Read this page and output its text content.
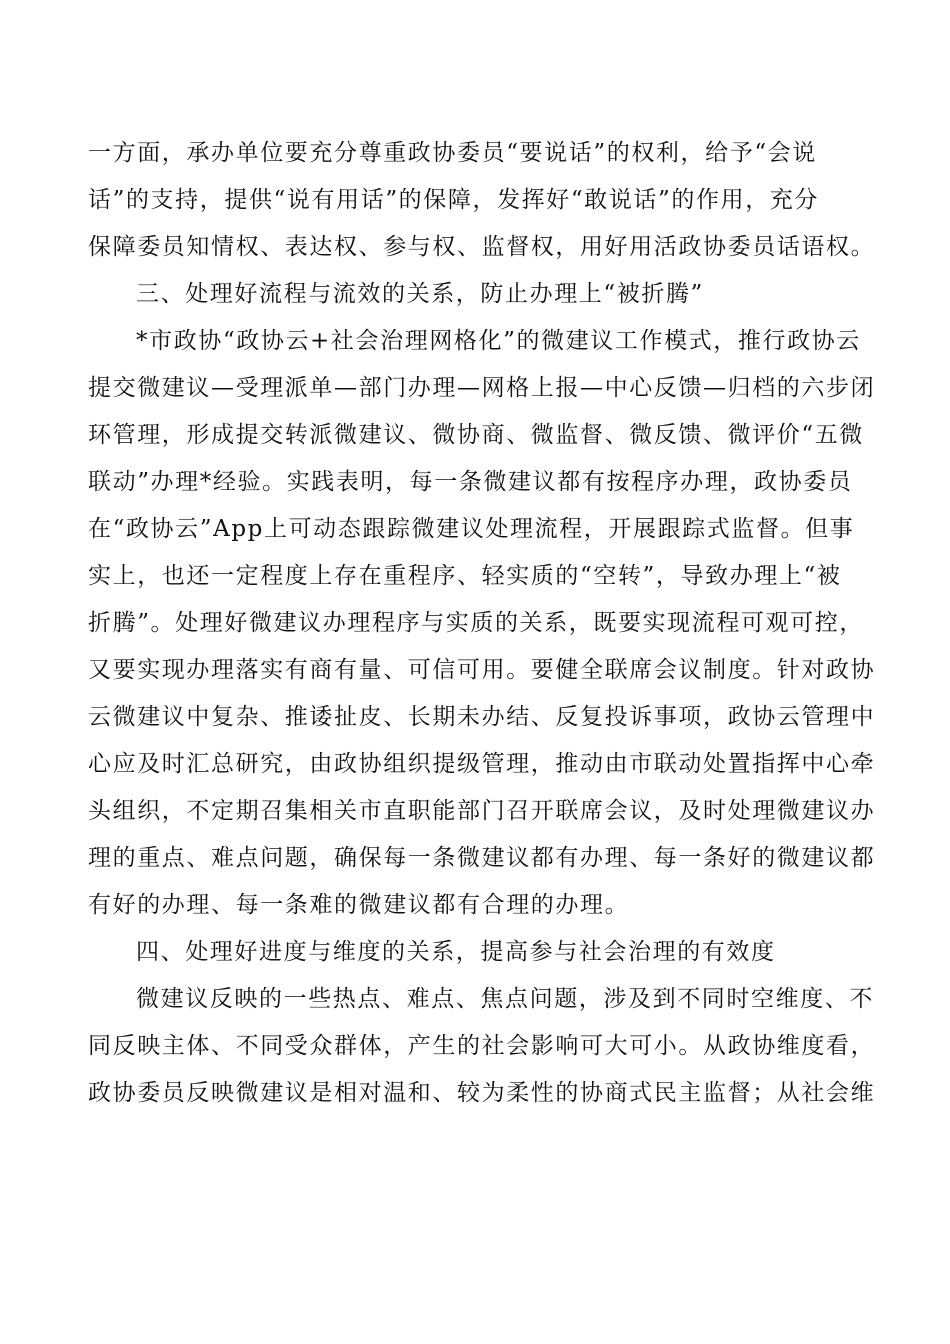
一方面，承办单位要充分尊重政协委员“要说话”的权利，给予“会说
话”的支持，提供“说有用话”的保障，发挥好“敢说话”的作用，充分
保障委员知情权、表达权、参与权、监督权，用好用活政协委员话语权。
三、处理好流程与流效的关系，防止办理上“被折腾”
*市政协“政协云+社会治理网格化”的微建议工作模式，推行政协云
提交微建议—受理派单—部门办理—网格上报—中心反馈—归档的六步闭
环管理，形成提交转派微建议、微协商、微监督、微反馈、微评价“五微
联动”办理*经验。实践表明，每一条微建议都有按程序办理，政协委员
在“政协云”App上可动态跟踪微建议处理流程，开展跟踪式监督。但事
实上，也还一定程度上存在重程序、轻实质的“空转”，导致办理上“被
折腾”。处理好微建议办理程序与实质的关系，既要实现流程可观可控，
又要实现办理落实有商有量、可信可用。要健全联席会议制度。针对政协
云微建议中复杂、推诿扯皮、长期未办结、反复投诉事项，政协云管理中
心应及时汇总研究，由政协组织提级管理，推动由市联动处置指挥中心牵
头组织，不定期召集相关市直职能部门召开联席会议，及时处理微建议办
理的重点、难点问题，确保每一条微建议都有办理、每一条好的微建议都
有好的办理、每一条难的微建议都有合理的办理。
四、处理好进度与维度的关系，提高参与社会治理的有效度
微建议反映的一些热点、难点、焦点问题，涉及到不同时空维度、不
同反映主体、不同受众群体，产生的社会影响可大可小。从政协维度看，
政协委员反映微建议是相对温和、较为柔性的协商式民主监督；从社会维
